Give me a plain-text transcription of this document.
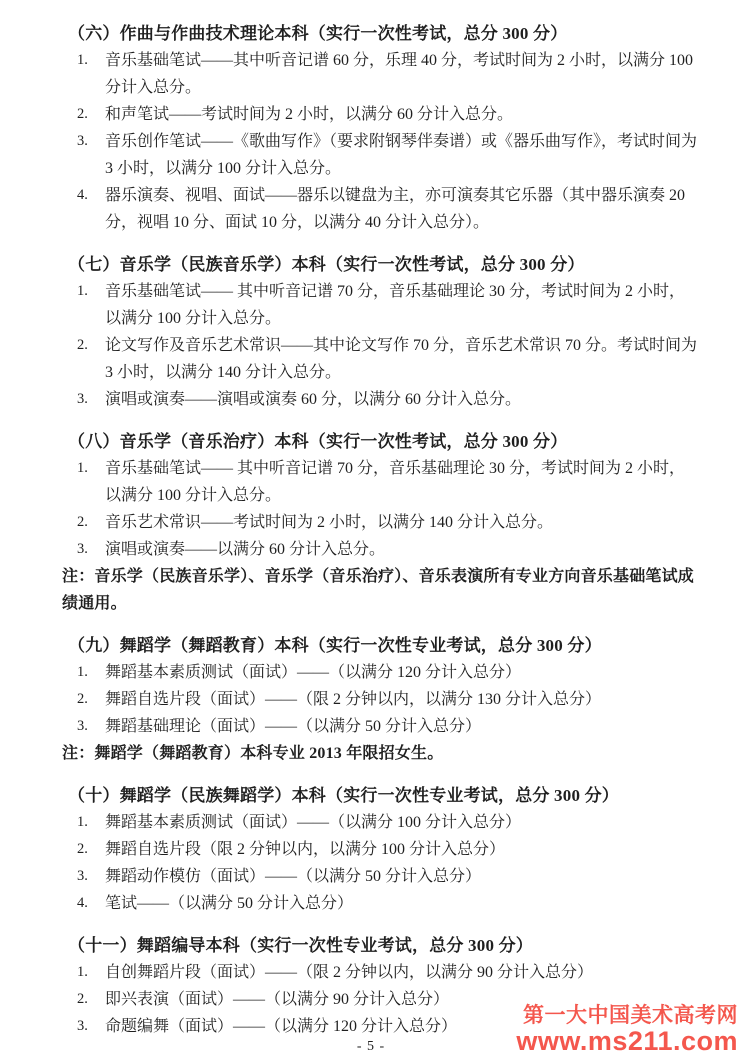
（六）作曲与作曲技术理论本科（实行一次性考试，总分 300 分）
1.	音乐基础笔试——其中听音记谱 60 分，乐理 40 分，考试时间为 2 小时，以满分 100 分计入总分。
2.	和声笔试——考试时间为 2 小时，以满分 60 分计入总分。
3.	音乐创作笔试——《歌曲写作》（要求附钢琴伴奏谱）或《器乐曲写作》，考试时间为 3 小时，以满分 100 分计入总分。
4.	器乐演奏、视唱、面试——器乐以键盘为主，亦可演奏其它乐器（其中器乐演奏 20 分，视唱 10 分、面试 10 分，以满分 40 分计入总分）。
（七）音乐学（民族音乐学）本科（实行一次性考试，总分 300 分）
1.	音乐基础笔试—— 其中听音记谱 70 分，音乐基础理论 30 分，考试时间为 2 小时，以满分 100 分计入总分。
2.	论文写作及音乐艺术常识——其中论文写作 70 分，音乐艺术常识 70 分。考试时间为 3 小时，以满分 140 分计入总分。
3.	演唱或演奏——演唱或演奏 60 分，以满分 60 分计入总分。
（八）音乐学（音乐治疗）本科（实行一次性考试，总分 300 分）
1.	音乐基础笔试—— 其中听音记谱 70 分，音乐基础理论 30 分，考试时间为 2 小时，以满分 100 分计入总分。
2.	音乐艺术常识——考试时间为 2 小时，以满分 140 分计入总分。
3.	演唱或演奏——以满分 60 分计入总分。
注：音乐学（民族音乐学）、音乐学（音乐治疗）、音乐表演所有专业方向音乐基础笔试成绩通用。
（九）舞蹈学（舞蹈教育）本科（实行一次性专业考试，总分 300 分）
1.	舞蹈基本素质测试（面试）——（以满分 120 分计入总分）
2.	舞蹈自选片段（面试）——（限 2 分钟以内，以满分 130 分计入总分）
3.	舞蹈基础理论（面试）——（以满分 50 分计入总分）
注：舞蹈学（舞蹈教育）本科专业 2013 年限招女生。
（十）舞蹈学（民族舞蹈学）本科（实行一次性专业考试，总分 300 分）
1.	舞蹈基本素质测试（面试）——（以满分 100 分计入总分）
2.	舞蹈自选片段（限 2 分钟以内，以满分 100 分计入总分）
3.	舞蹈动作模仿（面试）——（以满分 50 分计入总分）
4.	笔试——（以满分 50 分计入总分）
（十一）舞蹈编导本科（实行一次性专业考试，总分 300 分）
1.	自创舞蹈片段（面试）——（限 2 分钟以内，以满分 90 分计入总分）
2.	即兴表演（面试）——（以满分 90 分计入总分）
3.	命题编舞（面试）——（以满分 120 分计入总分）	第一大中国美术高考网
www.ms211.com
- 5 -
